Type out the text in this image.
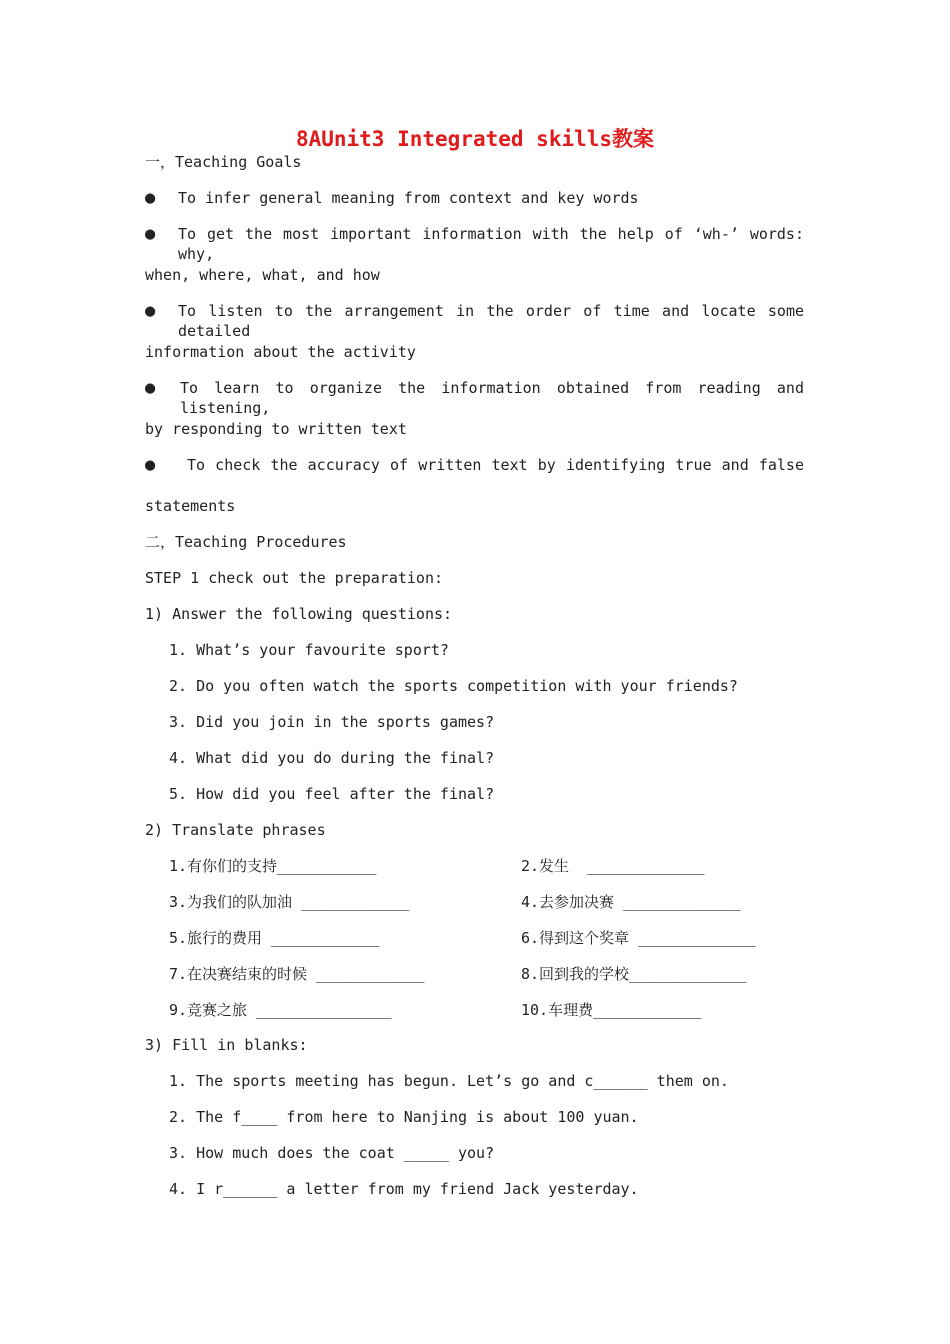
8AUnit3 Integrated skills教案
一，Teaching Goals
● To infer general meaning from context and key words
● To get the most important information with the help of ‘wh-’ words: why,
when, where, what, and how
● To listen to the arrangement in the order of time and locate some detailed
information about the activity
● To learn to organize the information obtained from reading and listening,
by responding to written text
● To check the accuracy of written text by identifying true and false
statements
二，Teaching Procedures
STEP 1 check out the preparation:
1) Answer the following questions:
1. What’s your favourite sport?
2. Do you often watch the sports competition with your friends?
3. Did you join in the sports games?
4. What did you do during the final?
5. How did you feel after the final?
2) Translate phrases
1.有你们的支持___________	2.发生  _____________
3.为我们的队加油 ____________	4.去参加决赛 _____________
5.旅行的费用 ____________	6.得到这个奖章 _____________
7.在决赛结束的时候 ____________	8.回到我的学校_____________
9.竞赛之旅 _______________	10.车理费____________
3) Fill in blanks:
1. The sports meeting has begun. Let’s go and c______ them on.
2. The f____ from here to Nanjing is about 100 yuan.
3. How much does the coat _____ you?
4. I r______ a letter from my friend Jack yesterday.
